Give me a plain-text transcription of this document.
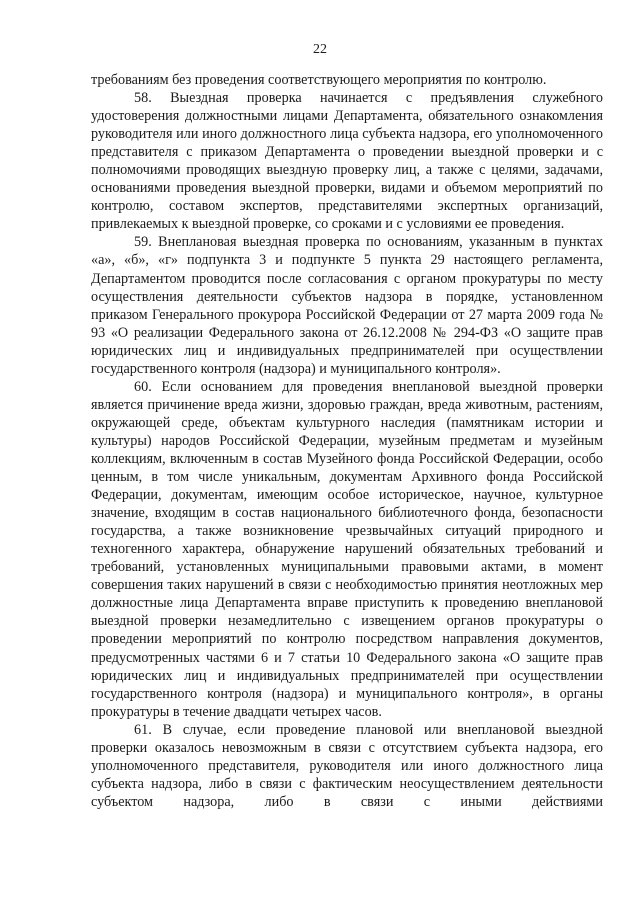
22

требованиям без проведения соответствующего мероприятия по контролю.

58. Выездная проверка начинается с предъявления служебного удостоверения должностными лицами Департамента, обязательного ознакомления руководителя или иного должностного лица субъекта надзора, его уполномоченного представителя с приказом Департамента о проведении выездной проверки и с полномочиями проводящих выездную проверку лиц, а также с целями, задачами, основаниями проведения выездной проверки, видами и объемом мероприятий по контролю, составом экспертов, представителями экспертных организаций, привлекаемых к выездной проверке, со сроками и с условиями ее проведения.

59. Внеплановая выездная проверка по основаниям, указанным в пунктах «а», «б», «г» подпункта 3 и подпункте 5 пункта 29 настоящего регламента, Департаментом проводится после согласования с органом прокуратуры по месту осуществления деятельности субъектов надзора в порядке, установленном приказом Генерального прокурора Российской Федерации от 27 марта 2009 года № 93 «О реализации Федерального закона от 26.12.2008 № 294-ФЗ «О защите прав юридических лиц и индивидуальных предпринимателей при осуществлении государственного контроля (надзора) и муниципального контроля».

60. Если основанием для проведения внеплановой выездной проверки является причинение вреда жизни, здоровью граждан, вреда животным, растениям, окружающей среде, объектам культурного наследия (памятникам истории и культуры) народов Российской Федерации, музейным предметам и музейным коллекциям, включенным в состав Музейного фонда Российской Федерации, особо ценным, в том числе уникальным, документам Архивного фонда Российской Федерации, документам, имеющим особое историческое, научное, культурное значение, входящим в состав национального библиотечного фонда, безопасности государства, а также возникновение чрезвычайных ситуаций природного и техногенного характера, обнаружение нарушений обязательных требований и требований, установленных муниципальными правовыми актами, в момент совершения таких нарушений в связи с необходимостью принятия неотложных мер должностные лица Департамента вправе приступить к проведению внеплановой выездной проверки незамедлительно с извещением органов прокуратуры о проведении мероприятий по контролю посредством направления документов, предусмотренных частями 6 и 7 статьи 10 Федерального закона «О защите прав юридических лиц и индивидуальных предпринимателей при осуществлении государственного контроля (надзора) и муниципального контроля», в органы прокуратуры в течение двадцати четырех часов.

61. В случае, если проведение плановой или внеплановой выездной проверки оказалось невозможным в связи с отсутствием субъекта надзора, его уполномоченного представителя, руководителя или иного должностного лица субъекта надзора, либо в связи с фактическим неосуществлением деятельности субъектом надзора, либо в связи с иными действиями
